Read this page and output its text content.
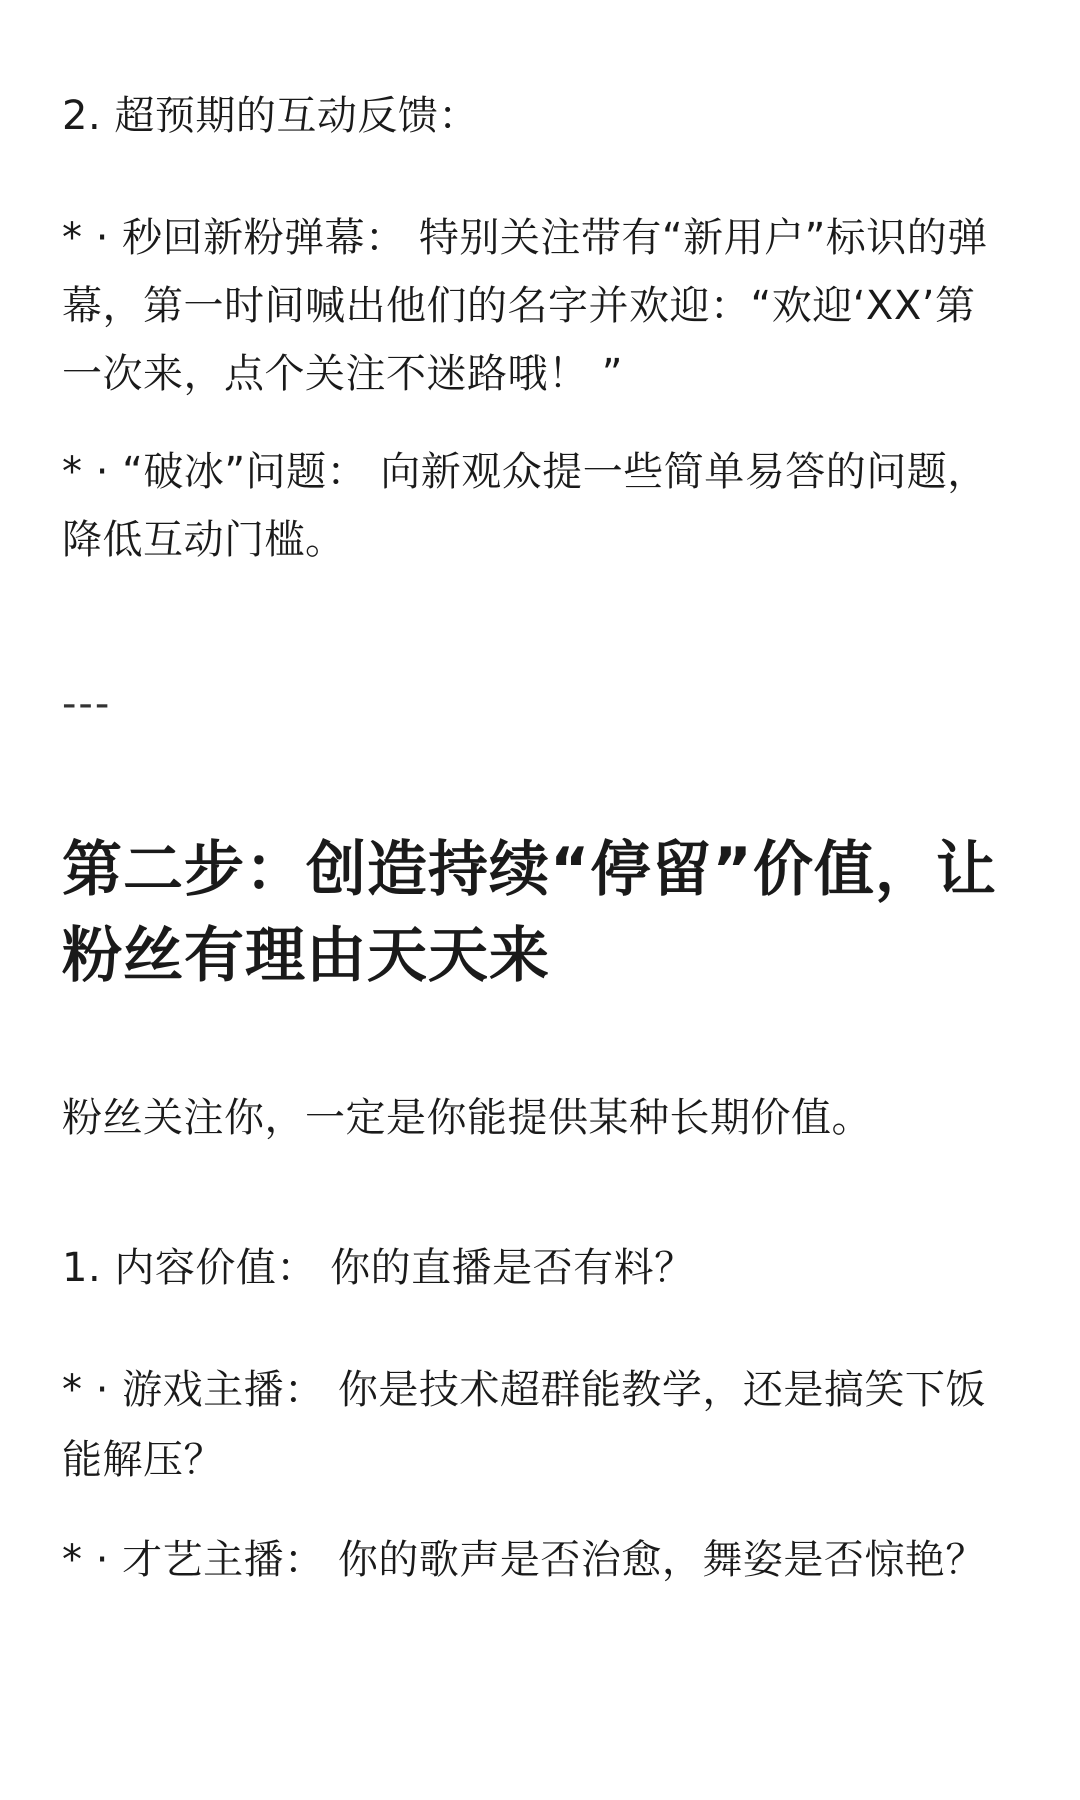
2. 超预期的互动反馈：

* · 秒回新粉弹幕： 特别关注带有“新用户”标识的弹

幕，第一时间喊出他们的名字并欢迎：“欢迎‘XX’第

一次来，点个关注不迷路哦！ ”

* · “破冰”问题： 向新观众提一些简单易答的问题，

降低互动门槛。

---
第二步：创造持续“停留”价值，让
粉丝有理由天天来

粉丝关注你，一定是你能提供某种长期价值。

1. 内容价值： 你的直播是否有料？

* · 游戏主播： 你是技术超群能教学，还是搞笑下饭

能解压？

* · 才艺主播： 你的歌声是否治愈，舞姿是否惊艳？
